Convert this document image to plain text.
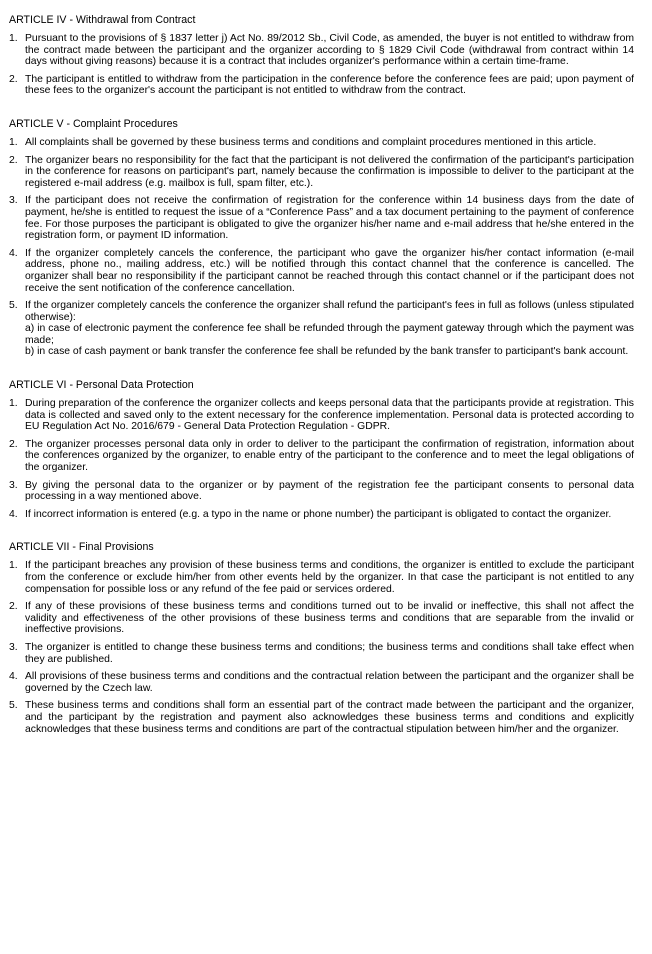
ARTICLE IV - Withdrawal from Contract
1. Pursuant to the provisions of § 1837 letter j) Act No. 89/2012 Sb., Civil Code, as amended, the buyer is not entitled to withdraw from the contract made between the participant and the organizer according to § 1829 Civil Code (withdrawal from contract within 14 days without giving reasons) because it is a contract that includes organizer's performance within a certain time-frame.

2. The participant is entitled to withdraw from the participation in the conference before the conference fees are paid; upon payment of these fees to the organizer's account the participant is not entitled to withdraw from the contract.

ARTICLE V - Complaint Procedures
1. All complaints shall be governed by these business terms and conditions and complaint procedures mentioned in this article.

2. The organizer bears no responsibility for the fact that the participant is not delivered the confirmation of the participant's participation in the conference for reasons on participant's part, namely because the confirmation is impossible to deliver to the participant at the registered e-mail address (e.g. mailbox is full, spam filter, etc.).

3. If the participant does not receive the confirmation of registration for the conference within 14 business days from the date of payment, he/she is entitled to request the issue of a “Conference Pass” and a tax document pertaining to the payment of conference fee. For those purposes the participant is obligated to give the organizer his/her name and e-mail address that he/she entered in the registration form, or payment ID information.

4. If the organizer completely cancels the conference, the participant who gave the organizer his/her contact information (e-mail address, phone no., mailing address, etc.) will be notified through this contact channel that the conference is cancelled. The organizer shall bear no responsibility if the participant cannot be reached through this contact channel or if the participant does not receive the sent notification of the conference cancellation.

5. If the organizer completely cancels the conference the organizer shall refund the participant's fees in full as follows (unless stipulated otherwise):

a) in case of electronic payment the conference fee shall be refunded through the payment gateway through which the payment was made;

b) in case of cash payment or bank transfer the conference fee shall be refunded by the bank transfer to participant's bank account.

ARTICLE VI - Personal Data Protection
1. During preparation of the conference the organizer collects and keeps personal data that the participants provide at registration. This data is collected and saved only to the extent necessary for the conference implementation. Personal data is protected according to EU Regulation Act No. 2016/679 - General Data Protection Regulation - GDPR.

2. The organizer processes personal data only in order to deliver to the participant the confirmation of registration, information about the conferences organized by the organizer, to enable entry of the participant to the conference and to meet the legal obligations of the organizer.

3. By giving the personal data to the organizer or by payment of the registration fee the participant consents to personal data processing in a way mentioned above.

4. If incorrect information is entered (e.g. a typo in the name or phone number) the participant is obligated to contact the organizer.

ARTICLE VII - Final Provisions
1. If the participant breaches any provision of these business terms and conditions, the organizer is entitled to exclude the participant from the conference or exclude him/her from other events held by the organizer. In that case the participant is not entitled to any compensation for possible loss or any refund of the fee paid or services ordered.

2. If any of these provisions of these business terms and conditions turned out to be invalid or ineffective, this shall not affect the validity and effectiveness of the other provisions of these business terms and conditions that are separable from the invalid or ineffective provisions.

3. The organizer is entitled to change these business terms and conditions; the business terms and conditions shall take effect when they are published.

4. All provisions of these business terms and conditions and the contractual relation between the participant and the organizer shall be governed by the Czech law.

5. These business terms and conditions shall form an essential part of the contract made between the participant and the organizer, and the participant by the registration and payment also acknowledges these business terms and conditions and explicitly acknowledges that these business terms and conditions are part of the contractual stipulation between him/her and the organizer.
